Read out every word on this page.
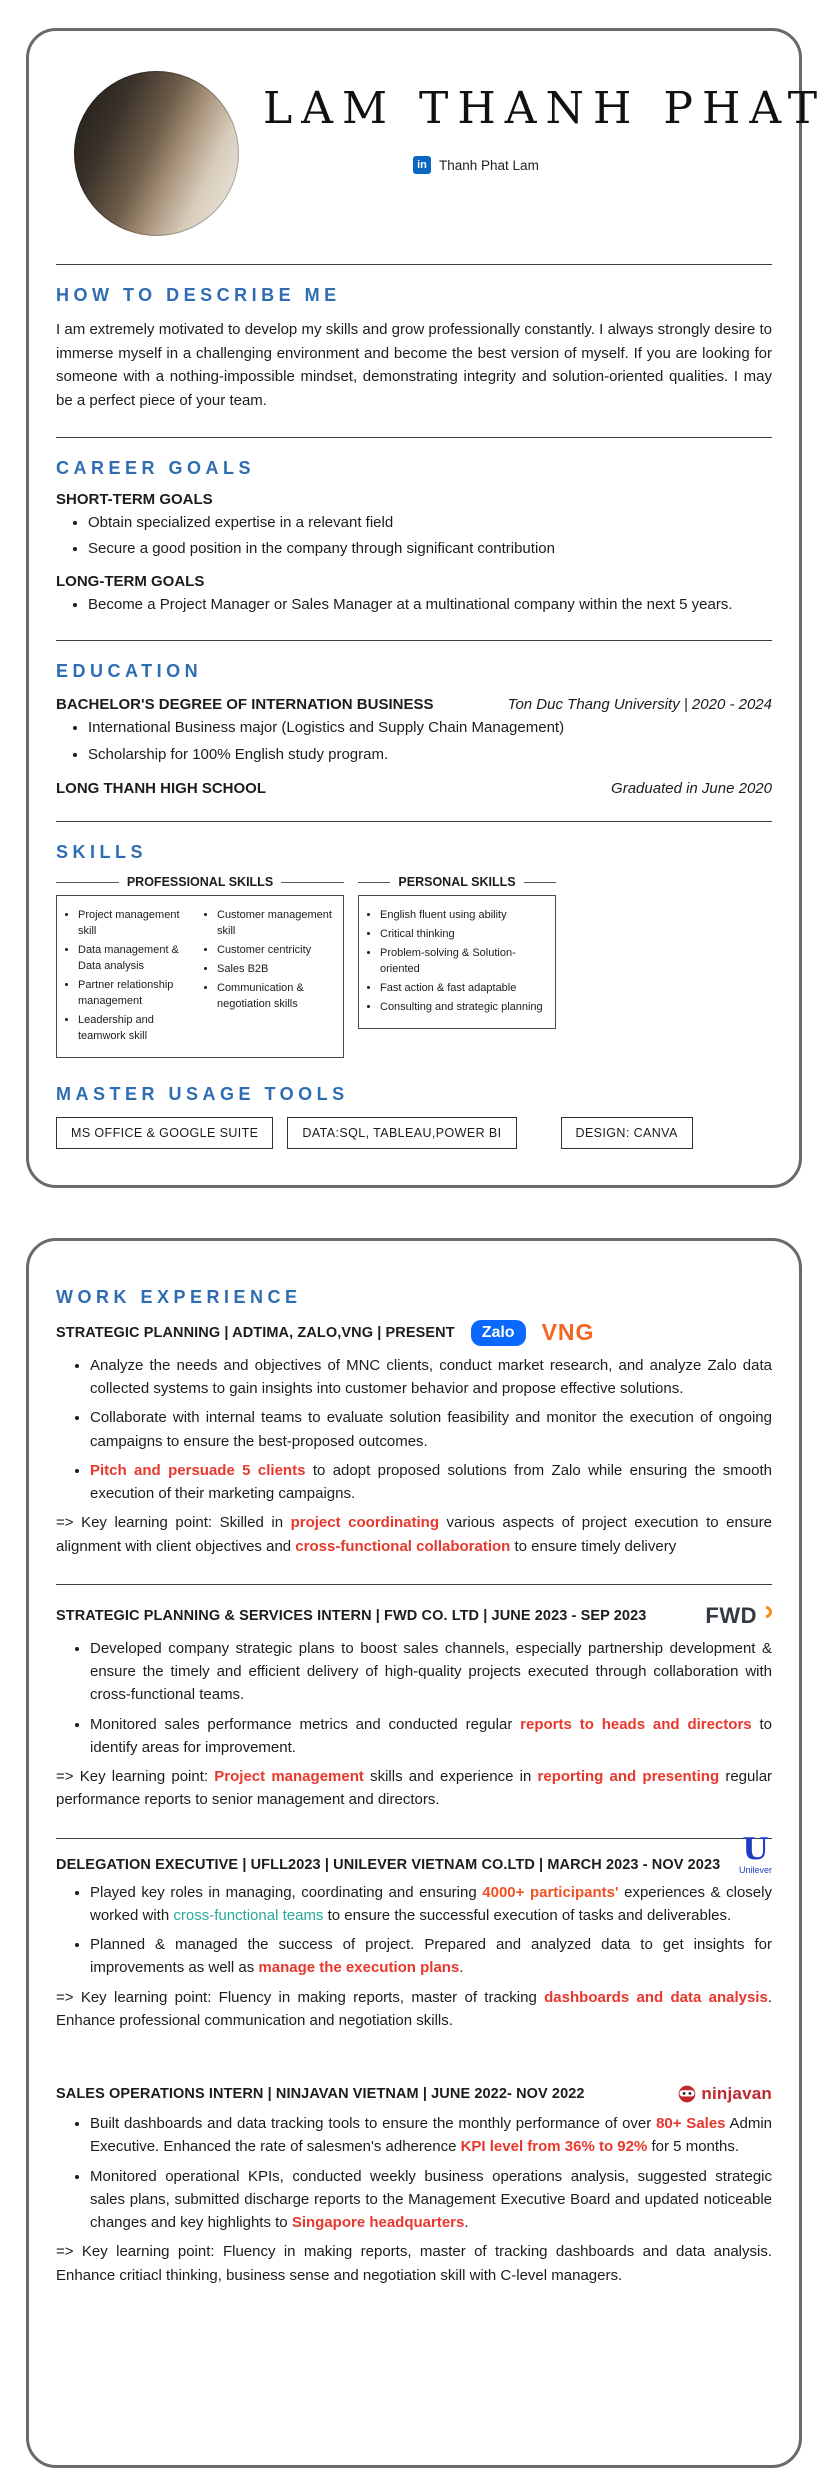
LAM THANH PHAT
in Thanh Phat Lam
HOW TO DESCRIBE ME

I am extremely motivated to develop my skills and grow professionally constantly. I always strongly desire to immerse myself in a challenging environment and become the best version of myself. If you are looking for someone with a nothing-impossible mindset, demonstrating integrity and solution-oriented qualities. I may be a perfect piece of your team.

CAREER GOALS
SHORT-TERM GOALS
• Obtain specialized expertise in a relevant field
• Secure a good position in the company through significant contribution
LONG-TERM GOALS
• Become a Project Manager or Sales Manager at a multinational company within the next 5 years.
EDUCATION
BACHELOR'S DEGREE OF INTERNATION BUSINESS	Ton Duc Thang University | 2020 - 2024
• International Business major (Logistics and Supply Chain Management)
• Scholarship for 100% English study program.
LONG THANH HIGH SCHOOL	Graduated in June 2020
SKILLS
PROFESSIONAL SKILLS
• Project management skill
• Data management & Data analysis
• Partner relationship management
• Leadership and teamwork skill
• Customer management skill
• Customer centricity
• Sales B2B
• Communication & negotiation skills
PERSONAL SKILLS
• English fluent using ability
• Critical thinking
• Problem-solving & Solution-oriented
• Fast action & fast adaptable
• Consulting and strategic planning
MASTER USAGE TOOLS
MS OFFICE & GOOGLE SUITE	DATA:SQL, TABLEAU,POWER BI	DESIGN: CANVA
WORK EXPERIENCE
STRATEGIC PLANNING | ADTIMA, ZALO,VNG | PRESENT	Zalo	VNG
• Analyze the needs and objectives of MNC clients, conduct market research, and analyze Zalo data collected systems to gain insights into customer behavior and propose effective solutions.
• Collaborate with internal teams to evaluate solution feasibility and monitor the execution of ongoing campaigns to ensure the best-proposed outcomes.
• Pitch and persuade 5 clients to adopt proposed solutions from Zalo while ensuring the smooth execution of their marketing campaigns.

=> Key learning point: Skilled in project coordinating various aspects of project execution to ensure alignment with client objectives and cross-functional collaboration to ensure timely delivery

STRATEGIC PLANNING & SERVICES INTERN | FWD CO. LTD | JUNE 2023 - SEP 2023	FWD
• Developed company strategic plans to boost sales channels, especially partnership development & ensure the timely and efficient delivery of high-quality projects executed through collaboration with cross-functional teams.
• Monitored sales performance metrics and conducted regular reports to heads and directors to identify areas for improvement.

=> Key learning point: Project management skills and experience in reporting and presenting regular performance reports to senior management and directors.

U
Unilever
DELEGATION EXECUTIVE | UFLL2023 | UNILEVER VIETNAM CO.LTD | MARCH 2023 - NOV 2023
• Played key roles in managing, coordinating and ensuring 4000+ participants' experiences & closely worked with cross-functional teams to ensure the successful execution of tasks and deliverables.
• Planned & managed the success of project. Prepared and analyzed data to get insights for improvements as well as manage the execution plans.

=> Key learning point: Fluency in making reports, master of tracking dashboards and data analysis. Enhance professional communication and negotiation skills.

SALES OPERATIONS INTERN | NINJAVAN VIETNAM | JUNE 2022- NOV 2022	ninjavan
• Built dashboards and data tracking tools to ensure the monthly performance of over 80+ Sales Admin Executive. Enhanced the rate of salesmen's adherence KPI level from 36% to 92% for 5 months.
• Monitored operational KPIs, conducted weekly business operations analysis, suggested strategic sales plans, submitted discharge reports to the Management Executive Board and updated noticeable changes and key highlights to Singapore headquarters.

=> Key learning point: Fluency in making reports, master of tracking dashboards and data analysis. Enhance critiacl thinking, business sense and negotiation skill with C-level managers.
